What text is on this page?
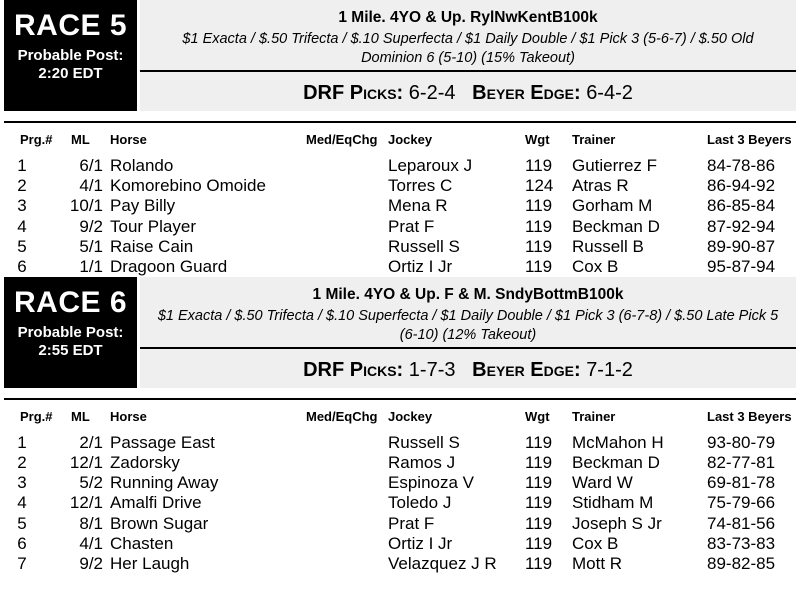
RACE 5
Probable Post:
2:20 EDT
1 Mile. 4YO & Up. RylNwKentB100k
$1 Exacta / $.50 Trifecta / $.10 Superfecta / $1 Daily Double / $1 Pick 3 (5-6-7) / $.50 Old Dominion 6 (5-10) (15% Takeout)
DRF Picks: 6-2-4 Beyer Edge: 6-4-2
Prg.# ML Horse	Med/EqChg Jockey	Wgt Trainer	Last 3 Beyers
1	6/1 Rolando	Leparoux J	119 Gutierrez F	84-78-86
2	4/1 Komorebino Omoide	Torres C	124 Atras R	86-94-92
3	10/1 Pay Billy	Mena R	119 Gorham M	86-85-84
4	9/2 Tour Player	Prat F	119 Beckman D	87-92-94
5	5/1 Raise Cain	Russell S	119 Russell B	89-90-87
6	1/1 Dragoon Guard	Ortiz I Jr	119 Cox B	95-87-94
RACE 6
Probable Post:
2:55 EDT
1 Mile. 4YO & Up. F & M. SndyBottmB100k
$1 Exacta / $.50 Trifecta / $.10 Superfecta / $1 Daily Double / $1 Pick 3 (6-7-8) / $.50 Late Pick 5 (6-10) (12% Takeout)
DRF Picks: 1-7-3 Beyer Edge: 7-1-2
Prg.# ML Horse	Med/EqChg Jockey	Wgt Trainer	Last 3 Beyers
1	2/1 Passage East	Russell S	119 McMahon H	93-80-79
2	12/1 Zadorsky	Ramos J	119 Beckman D	82-77-81
3	5/2 Running Away	Espinoza V	119 Ward W	69-81-78
4	12/1 Amalfi Drive	Toledo J	119 Stidham M	75-79-66
5	8/1 Brown Sugar	Prat F	119 Joseph S Jr	74-81-56
6	4/1 Chasten	Ortiz I Jr	119 Cox B	83-73-83
7	9/2 Her Laugh	Velazquez J R 119 Mott R	89-82-85
